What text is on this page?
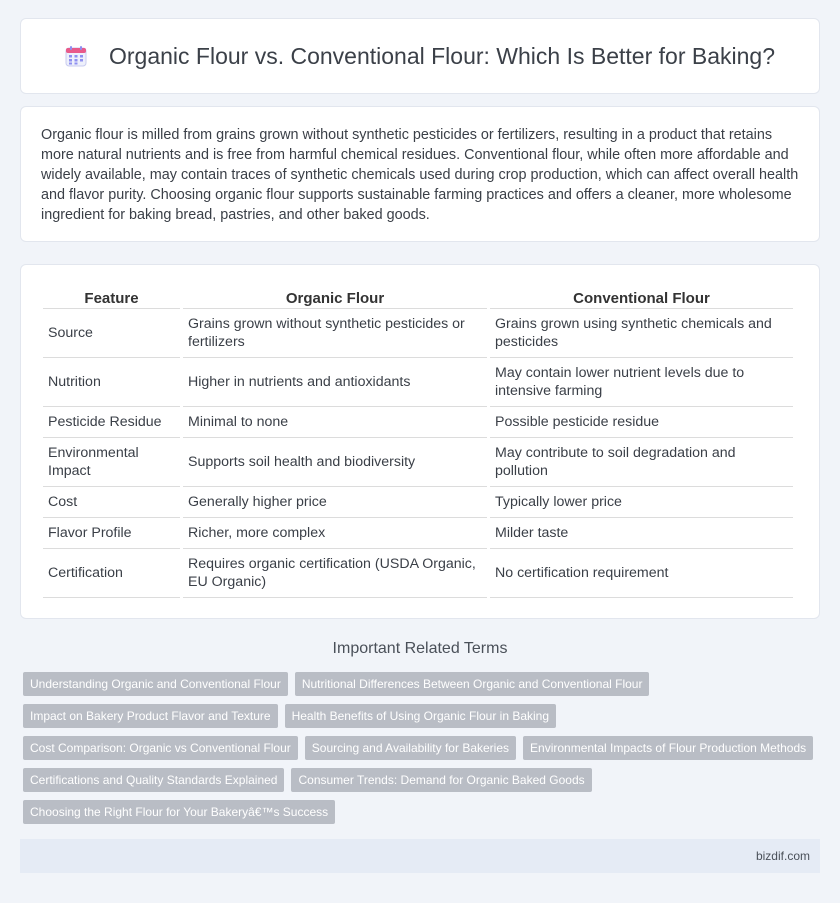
Organic Flour vs. Conventional Flour: Which Is Better for Baking?

Organic flour is milled from grains grown without synthetic pesticides or fertilizers, resulting in a product that retains more natural nutrients and is free from harmful chemical residues. Conventional flour, while often more affordable and widely available, may contain traces of synthetic chemicals used during crop production, which can affect overall health and flavor purity. Choosing organic flour supports sustainable farming practices and offers a cleaner, more wholesome ingredient for baking bread, pastries, and other baked goods.

Feature	Organic Flour	Conventional Flour
Source	Grains grown without synthetic pesticides or fertilizers	Grains grown using synthetic chemicals and pesticides
Nutrition	Higher in nutrients and antioxidants	May contain lower nutrient levels due to intensive farming
Pesticide Residue	Minimal to none	Possible pesticide residue
Environmental Impact	Supports soil health and biodiversity	May contribute to soil degradation and pollution
Cost	Generally higher price	Typically lower price
Flavor Profile	Richer, more complex	Milder taste
Certification	Requires organic certification (USDA Organic, EU Organic)	No certification requirement
Important Related Terms
Understanding Organic and Conventional Flour	Nutritional Differences Between Organic and Conventional Flour
Impact on Bakery Product Flavor and Texture	Health Benefits of Using Organic Flour in Baking
Cost Comparison: Organic vs Conventional Flour	Sourcing and Availability for Bakeries	Environmental Impacts of Flour Production Methods
Certifications and Quality Standards Explained	Consumer Trends: Demand for Organic Baked Goods
Choosing the Right Flour for Your Bakeryâ€™s Success
bizdif.com
